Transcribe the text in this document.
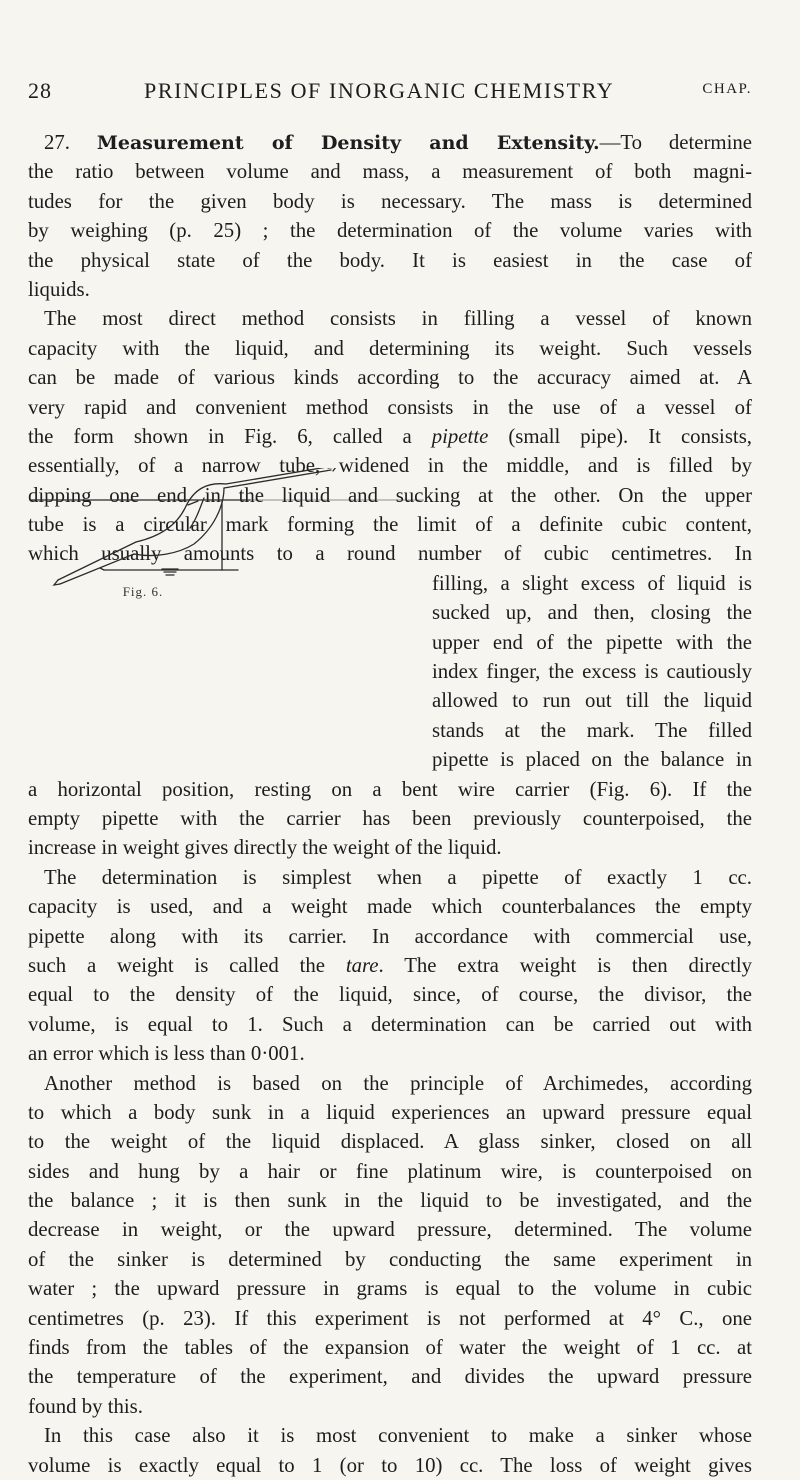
28	PRINCIPLES OF INORGANIC CHEMISTRY	CHAP.
27. Measurement of Density and Extensity.—To determine
the ratio between volume and mass, a measurement of both magni-
tudes for the given body is necessary. The mass is determined
by weighing (p. 25) ; the determination of the volume varies with
the physical state of the body. It is easiest in the case of
liquids.
The most direct method consists in filling a vessel of known
capacity with the liquid, and determining its weight. Such vessels
can be made of various kinds according to the accuracy aimed at. A
very rapid and convenient method consists in the use of a vessel of
the form shown in Fig. 6, called a pipette (small pipe). It consists,
essentially, of a narrow tube, widened in the middle, and is filled by
dipping one end in the liquid and sucking at the other. On the upper
tube is a circular mark forming the limit of a definite cubic content,
which usually amounts to a round number of cubic centimetres. In
filling, a slight excess of liquid is
sucked up, and then, closing the
upper end of the pipette with the
index finger, the excess is cautiously
allowed to run out till the liquid
stands at the mark. The filled
pipette is placed on the balance in
a horizontal position, resting on a bent wire carrier (Fig. 6). If the
empty pipette with the carrier has been previously counterpoised, the
increase in weight gives directly the weight of the liquid.
The determination is simplest when a pipette of exactly 1 cc.
capacity is used, and a weight made which counterbalances the empty
pipette along with its carrier. In accordance with commercial use,
such a weight is called the tare. The extra weight is then directly
equal to the density of the liquid, since, of course, the divisor, the
volume, is equal to 1. Such a determination can be carried out with
an error which is less than 0·001.
Another method is based on the principle of Archimedes, according
to which a body sunk in a liquid experiences an upward pressure equal
to the weight of the liquid displaced. A glass sinker, closed on all
sides and hung by a hair or fine platinum wire, is counterpoised on
the balance ; it is then sunk in the liquid to be investigated, and the
decrease in weight, or the upward pressure, determined. The volume
of the sinker is determined by conducting the same experiment in
water ; the upward pressure in grams is equal to the volume in cubic
centimetres (p. 23). If this experiment is not performed at 4° C., one
finds from the tables of the expansion of water the weight of 1 cc. at
the temperature of the experiment, and divides the upward pressure
found by this.
In this case also it is most convenient to make a sinker whose
volume is exactly equal to 1 (or to 10) cc. The loss of weight gives
Fig. 6.
